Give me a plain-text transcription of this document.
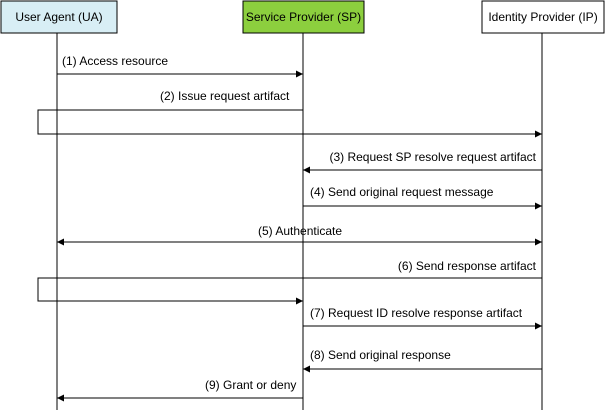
User Agent (UA)	Service Provider (SP)	Identity Provider (IP)
(1) Access resource
(2) Issue request artifact
(3) Request SP resolve request artifact
(4) Send original request message
(5) Authenticate
(6) Send response artifact
(7) Request ID resolve response artifact
(8) Send original response
(9) Grant or deny
